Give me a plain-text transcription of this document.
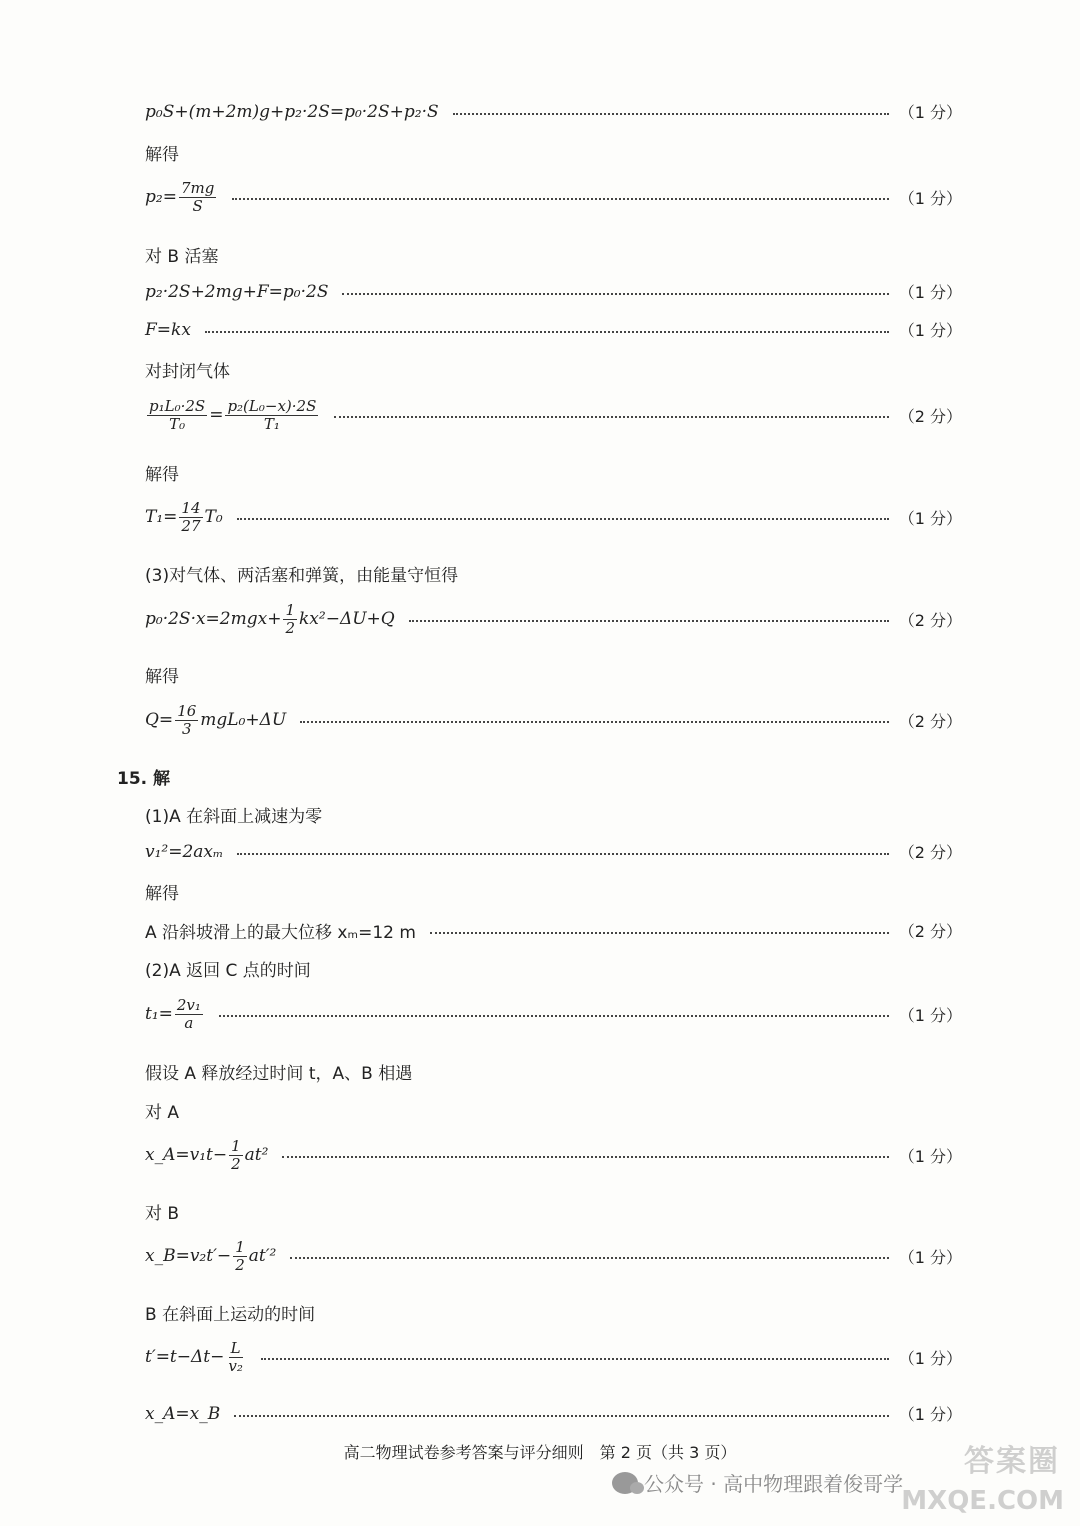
p₀S+(m+2m)g+p₂·2S=p₀·2S+p₂·S	（1 分）
解得
$p_2= \frac{7mg}{S}$	（1 分）
对 B 活塞
p₂·2S+2mg+F=p₀·2S	（1 分）
F=kx	（1 分）
对封闭气体
$\frac{\text{p₁L₀·2S}}{\text{T₀}} = \frac{\text{p₂(L₀−x)·2S}}{\text{T₁}}$	（2 分）
解得
$T_1= \frac{14}{27} T_0$	（1 分）
(3)对气体、两活塞和弹簧，由能量守恒得
$p_0\cdot 2S\cdot x=2mgx+ \frac{1}{2} kx^2-\Delta U+Q$	（2 分）
解得
$Q= \frac{16}{3} mgL_0+\Delta U$	（2 分）
15. 解
(1)A 在斜面上减速为零
v₁²=2axₘ	（2 分）
解得
A 沿斜坡滑上的最大位移 xₘ=12 m	（2 分）
(2)A 返回 C 点的时间
$t_1= \frac{\text{2v₁}}{a}$	（1 分）
假设 A 释放经过时间 t，A、B 相遇
对 A
x_A=v₁t− $\frac{1}{2} at^2$	（1 分）
对 B
x_B=v₂t′− $\frac{1}{2} at'^2$	（1 分）
B 在斜面上运动的时间
$t'=t-\Delta t- \frac{L}{\text{v₂}}$	（1 分）
x_A=x_B	（1 分）
高二物理试卷参考答案与评分细则　第 2 页（共 3 页）
公众号 · 高中物理跟着俊哥学
答案圈
MXQE.COM
